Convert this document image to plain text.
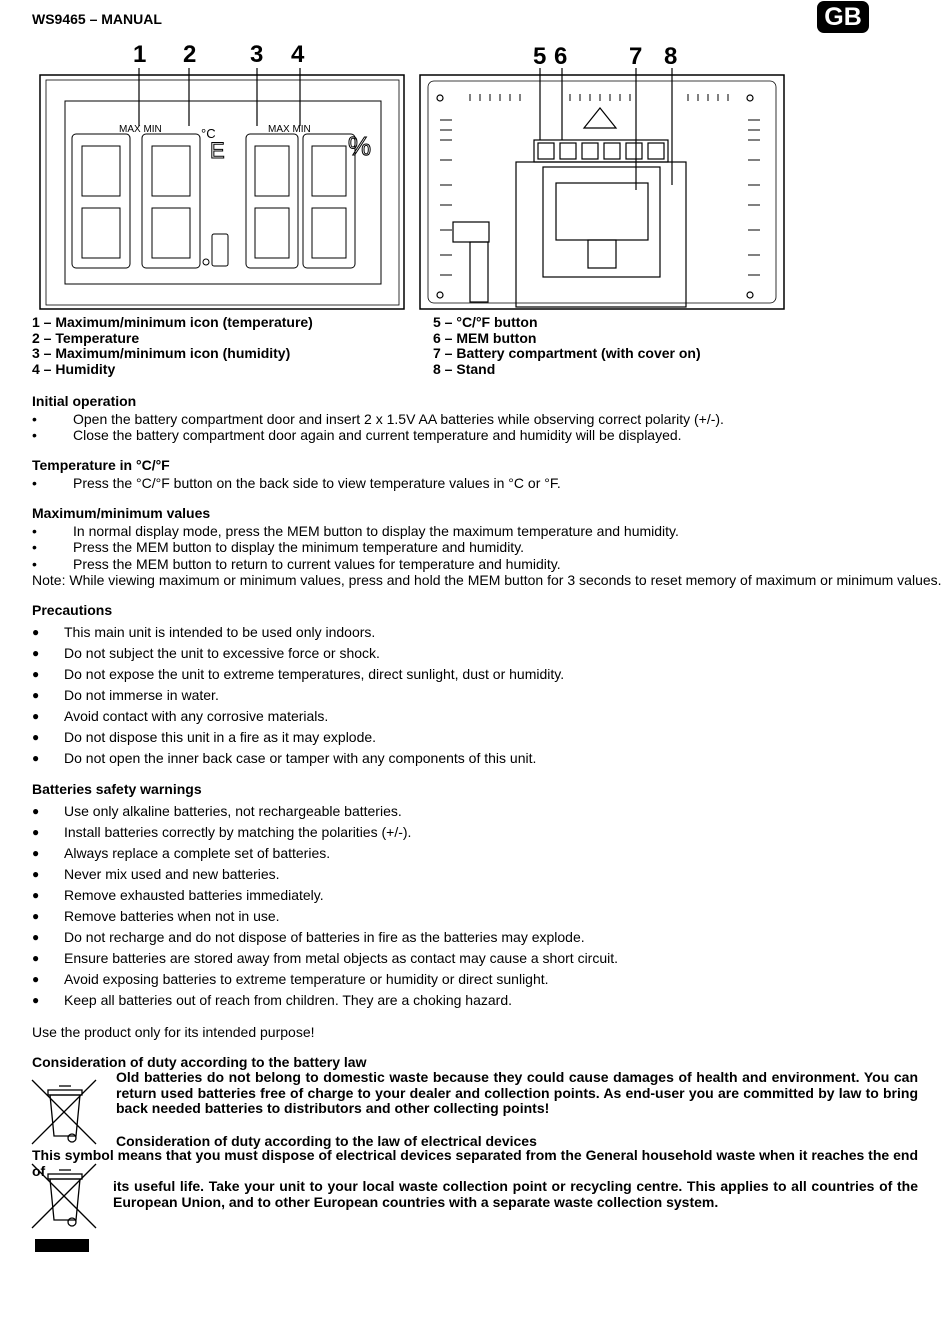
WS9465 – MANUAL	GB
1 2 3 4	5 6	7 8
MAX MIN	MAX MIN
°C
E	%
1 – Maximum/minimum icon (temperature)
2 – Temperature
3 – Maximum/minimum icon (humidity)
4 – Humidity
5 – °C/°F button
6 – MEM button
7 – Battery compartment (with cover on)
8 – Stand
Initial operation
• Open the battery compartment door and insert 2 x 1.5V AA batteries while observing correct polarity (+/-).
• Close the battery compartment door again and current temperature and humidity will be displayed.
Temperature in °C/°F
• Press the °C/°F button on the back side to view temperature values in °C or °F.
Maximum/minimum values
• In normal display mode, press the MEM button to display the maximum temperature and humidity.
• Press the MEM button to display the minimum temperature and humidity.
• Press the MEM button to return to current values for temperature and humidity.
Note: While viewing maximum or minimum values, press and hold the MEM button for 3 seconds to reset memory of maximum or minimum values.
Precautions
● This main unit is intended to be used only indoors.
● Do not subject the unit to excessive force or shock.
● Do not expose the unit to extreme temperatures, direct sunlight, dust or humidity.
● Do not immerse in water.
● Avoid contact with any corrosive materials.
● Do not dispose this unit in a fire as it may explode.
● Do not open the inner back case or tamper with any components of this unit.
Batteries safety warnings
● Use only alkaline batteries, not rechargeable batteries.
● Install batteries correctly by matching the polarities (+/-).
● Always replace a complete set of batteries.
● Never mix used and new batteries.
● Remove exhausted batteries immediately.
● Remove batteries when not in use.
● Do not recharge and do not dispose of batteries in fire as the batteries may explode.
● Ensure batteries are stored away from metal objects as contact may cause a short circuit.
● Avoid exposing batteries to extreme temperature or humidity or direct sunlight.
● Keep all batteries out of reach from children. They are a choking hazard.
Use the product only for its intended purpose!
Consideration of duty according to the battery law
Old batteries do not belong to domestic waste because they could cause damages of health and environment. You can
return used batteries free of charge to your dealer and collection points. As end-user you are committed by law to bring
back needed batteries to distributors and other collecting points!
Consideration of duty according to the law of electrical devices
This symbol means that you must dispose of electrical devices separated from the General household waste when it reaches the end of
its useful life. Take your unit to your local waste collection point or recycling centre. This applies to all countries of the
European Union, and to other European countries with a separate waste collection system.
